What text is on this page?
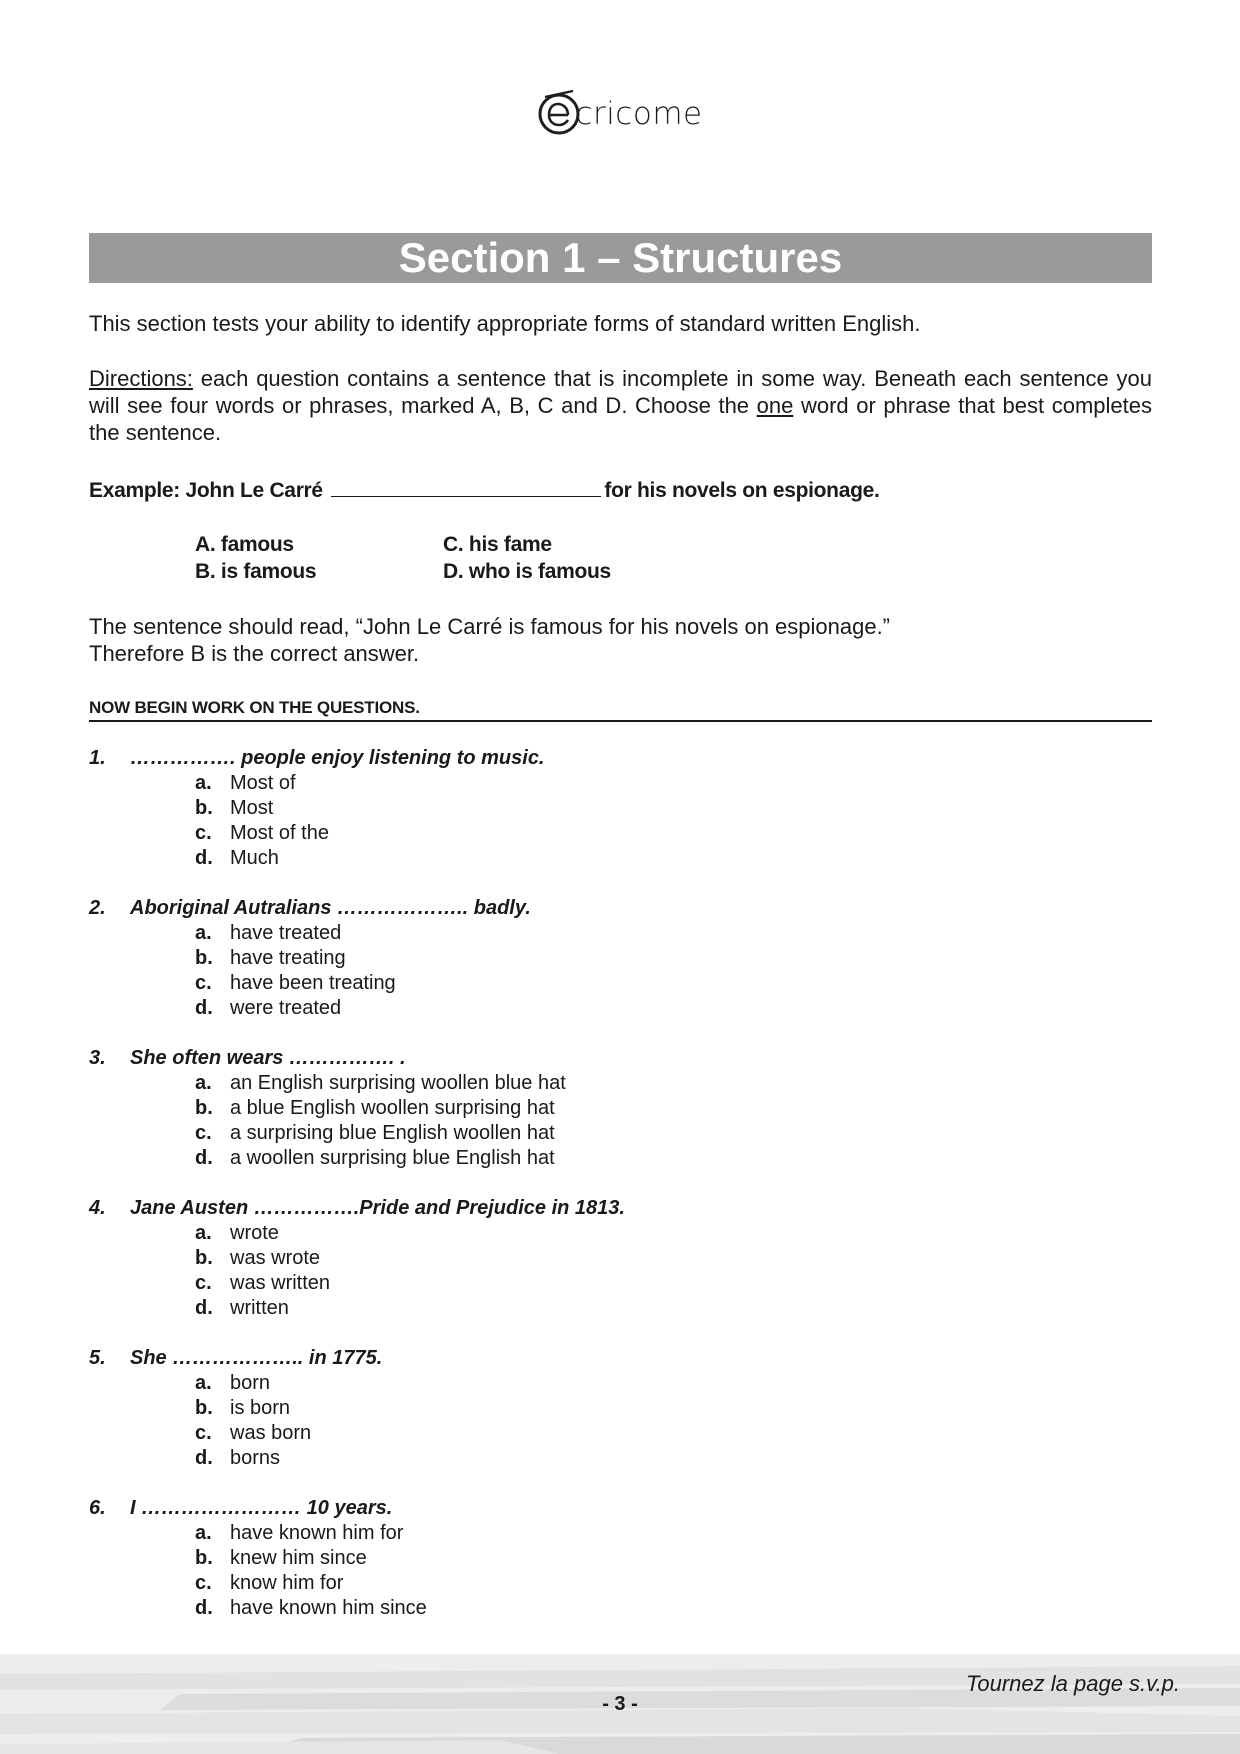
cricome
Section 1 – Structures
This section tests your ability to identify appropriate forms of standard written English.
Directions: each question contains a sentence that is incomplete in some way. Beneath each sentence you will see four words or phrases, marked A, B, C and D. Choose the one word or phrase that best completes the sentence.
Example: John Le Carré	for his novels on espionage.
A. famous
B. is famous
C. his fame
D. who is famous
The sentence should read, “John Le Carré is famous for his novels on espionage.”
Therefore B is the correct answer.
NOW BEGIN WORK ON THE QUESTIONS.
1. ……………. people enjoy listening to music.
a. Most of
b. Most
c. Most of the
d. Much
2. Aboriginal Autralians ……………….. badly.
a. have treated
b. have treating
c. have been treating
d. were treated
3. She often wears ……………. .
a. an English surprising woollen blue hat
b. a blue English woollen surprising hat
c. a surprising blue English woollen hat
d. a woollen surprising blue English hat
4. Jane Austen …………….Pride and Prejudice in 1813.
a. wrote
b. was wrote
c. was written
d. written
5. She ……………….. in 1775.
a. born
b. is born
c. was born
d. borns
6. I …………………… 10 years.
a. have known him for
b. knew him since
c. know him for
d. have known him since
Tournez la page s.v.p.
- 3 -
